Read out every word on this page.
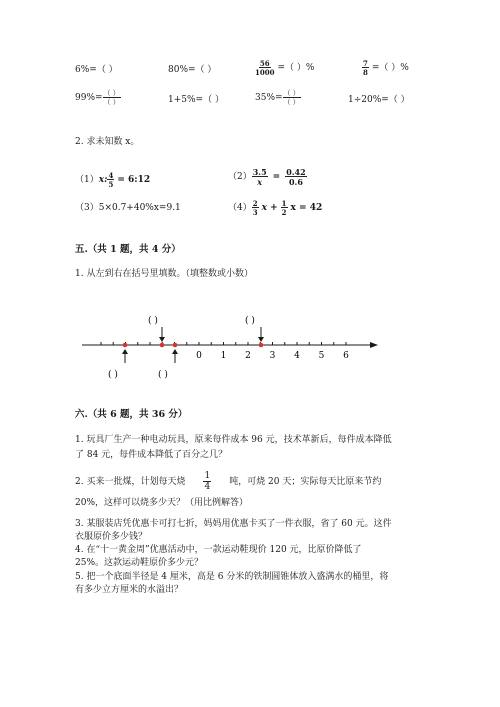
6%=（ ）	80%=（ ）	$\frac{56}{1000}$ =（ ）%	$\frac{7}{8}$ =（ ）%
$99\%= \frac{( )}{( )}$	1+5%=（ ）	$35\%= \frac{( )}{( )}$	1÷20%=（ ）
2. 求未知数 x。
（1） x: $\frac{4}{5}$ = 6:12	$(2) \frac{3.5}{x} = \frac{0.42}{0.6}$
（3）5×0.7+40%x=9.1	$(4) \frac{2}{3}$ $x + \frac{1}{2}$ x = 42
五.（共 1 题，共 4 分）
1. 从左到右在括号里填数。（填整数或小数）
( )	( )
( )	( )
0 1 2 3 4 5 6
六.（共 6 题，共 36 分）
1. 玩具厂生产一种电动玩具，原来每件成本 96 元，技术革新后，每件成本降低
了 84 元，每件成本降低了百分之几？
2. 买来一批煤，计划每天烧 $\frac{1}{4}$ 吨，可烧 20 天；实际每天比原来节约
20%，这样可以烧多少天？（用比例解答）
3. 某服装店凭优惠卡可打七折，妈妈用优惠卡买了一件衣服，省了 60 元。这件
衣服原价多少钱？
4. 在“十一黄金周”优惠活动中，一款运动鞋现价 120 元，比原价降低了
25%。这款运动鞋原价多少元？
5. 把一个底面半径是 4 厘米，高是 6 分米的铁制圆锥体放入盛满水的桶里，将
有多少立方厘米的水溢出？
